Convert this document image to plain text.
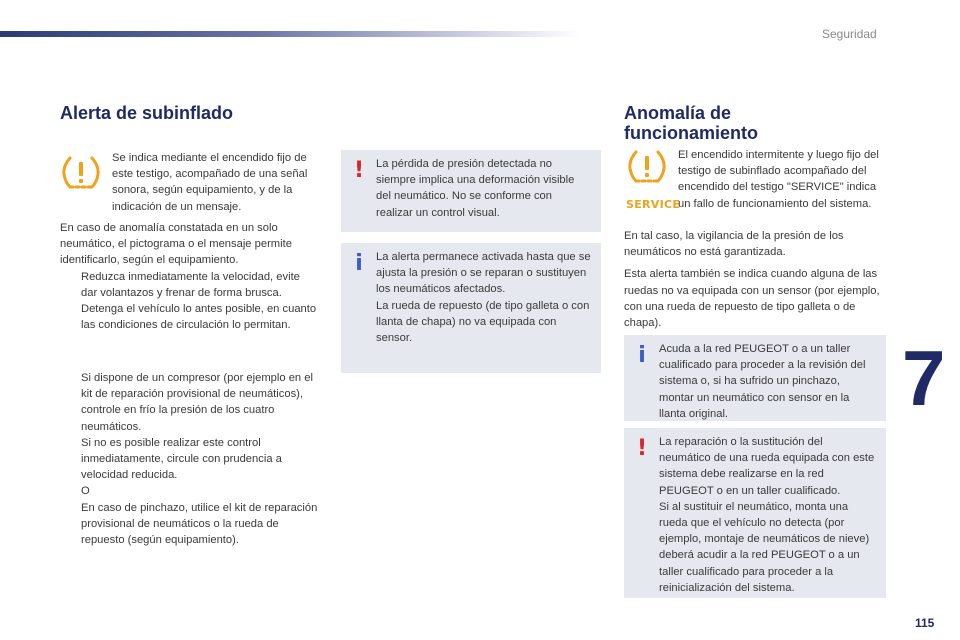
Seguridad
Alerta de subinflado

Se indica mediante el encendido fijo de este testigo, acompañado de una señal sonora, según equipamiento, y de la indicación de un mensaje.

En caso de anomalía constatada en un solo neumático, el pictograma o el mensaje permite identificarlo, según el equipamiento.

Reduzca inmediatamente la velocidad, evite dar volantazos y frenar de forma brusca.

Detenga el vehículo lo antes posible, en cuanto las condiciones de circulación lo permitan.

Si dispone de un compresor (por ejemplo en el kit de reparación provisional de neumáticos), controle en frío la presión de los cuatro neumáticos.

Si no es posible realizar este control inmediatamente, circule con prudencia a velocidad reducida.

O

En caso de pinchazo, utilice el kit de reparación provisional de neumáticos o la rueda de repuesto (según equipamiento).

! La pérdida de presión detectada no siempre implica una deformación visible del neumático. No se conforme con realizar un control visual.
i	La alerta permanece activada hasta que se ajusta la presión o se reparan o sustituyen los neumáticos afectados.
La rueda de repuesto (de tipo galleta o con llanta de chapa) no va equipada con sensor.
Anomalía de
funcionamiento
SERVICE

El encendido intermitente y luego fijo del testigo de subinflado acompañado del encendido del testigo "SERVICE" indica un fallo de funcionamiento del sistema.

En tal caso, la vigilancia de la presión de los neumáticos no está garantizada.

Esta alerta también se indica cuando alguna de las ruedas no va equipada con un sensor (por ejemplo, con una rueda de repuesto de tipo galleta o de chapa).

i	Acuda a la red PEUGEOT o a un taller cualificado para proceder a la revisión del sistema o, si ha sufrido un pinchazo, montar un neumático con sensor en la llanta original.
! La reparación o la sustitución del neumático de una rueda equipada con este sistema debe realizarse en la red PEUGEOT o en un taller cualificado.
Si al sustituir el neumático, monta una rueda que el vehículo no detecta (por ejemplo, montaje de neumáticos de nieve) deberá acudir a la red PEUGEOT o a un taller cualificado para proceder a la reinicialización del sistema.
7
115
